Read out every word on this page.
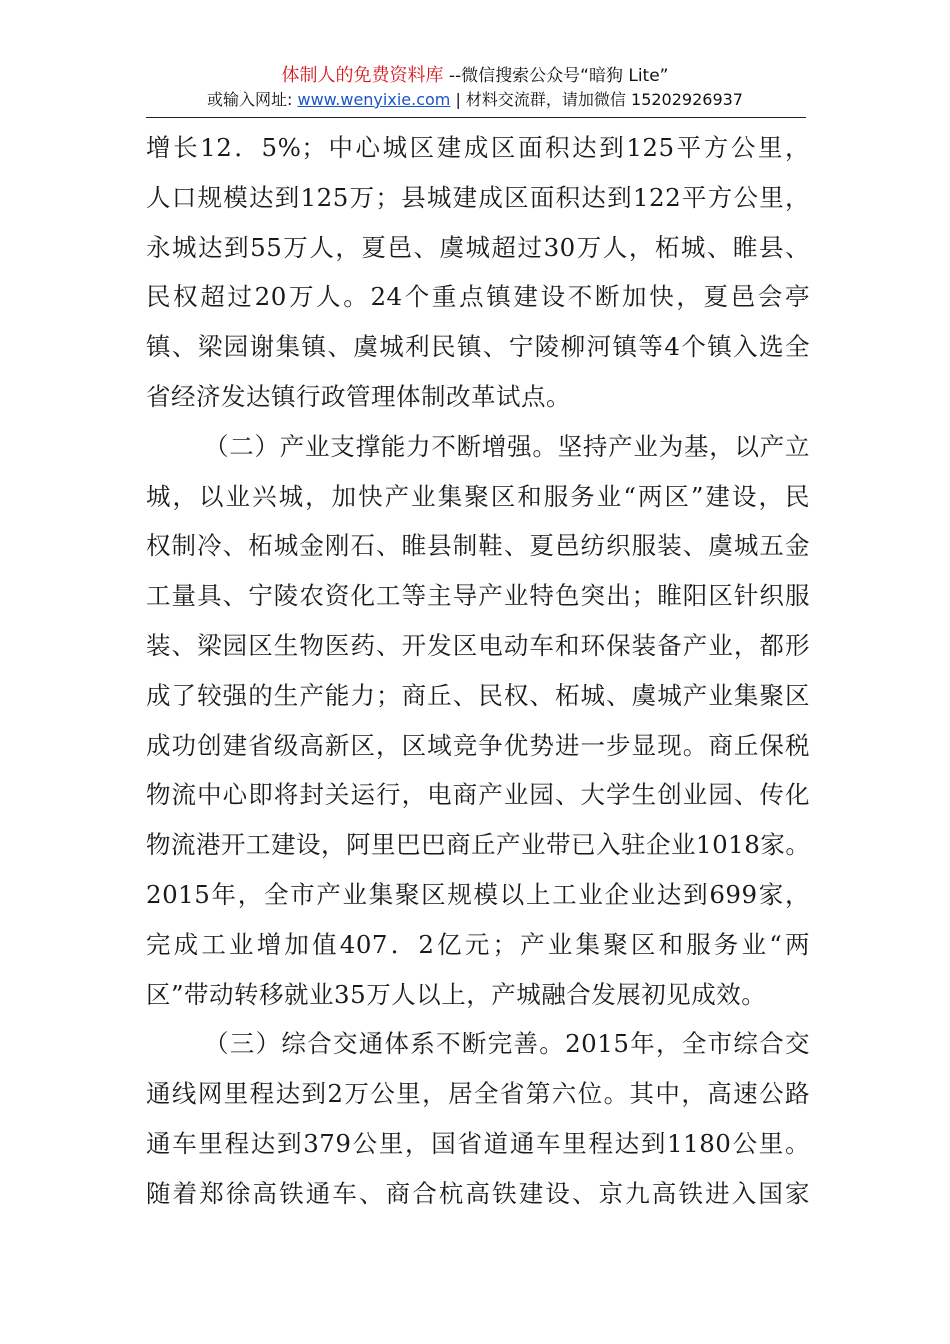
体制人的免费资料库 --微信搜索公众号“暗狗 Lite”
或输入网址: www.wenyixie.com | 材料交流群，请加微信 15202926937
增长12．5%；中心城区建成区面积达到125平方公里，
人口规模达到125万；县城建成区面积达到122平方公里，
永城达到55万人，夏邑、虞城超过30万人，柘城、睢县、
民权超过20万人。24个重点镇建设不断加快，夏邑会亭
镇、梁园谢集镇、虞城利民镇、宁陵柳河镇等4个镇入选全
省经济发达镇行政管理体制改革试点。
（二）产业支撑能力不断增强。坚持产业为基，以产立
城，以业兴城，加快产业集聚区和服务业“两区”建设，民
权制冷、柘城金刚石、睢县制鞋、夏邑纺织服装、虞城五金
工量具、宁陵农资化工等主导产业特色突出；睢阳区针织服
装、梁园区生物医药、开发区电动车和环保装备产业，都形
成了较强的生产能力；商丘、民权、柘城、虞城产业集聚区
成功创建省级高新区，区域竞争优势进一步显现。商丘保税
物流中心即将封关运行，电商产业园、大学生创业园、传化
物流港开工建设，阿里巴巴商丘产业带已入驻企业1018家。
2015年，全市产业集聚区规模以上工业企业达到699家，
完成工业增加值407．2亿元；产业集聚区和服务业“两
区”带动转移就业35万人以上，产城融合发展初见成效。
（三）综合交通体系不断完善。2015年，全市综合交
通线网里程达到2万公里，居全省第六位。其中，高速公路
通车里程达到379公里，国省道通车里程达到1180公里。
随着郑徐高铁通车、商合杭高铁建设、京九高铁进入国家
